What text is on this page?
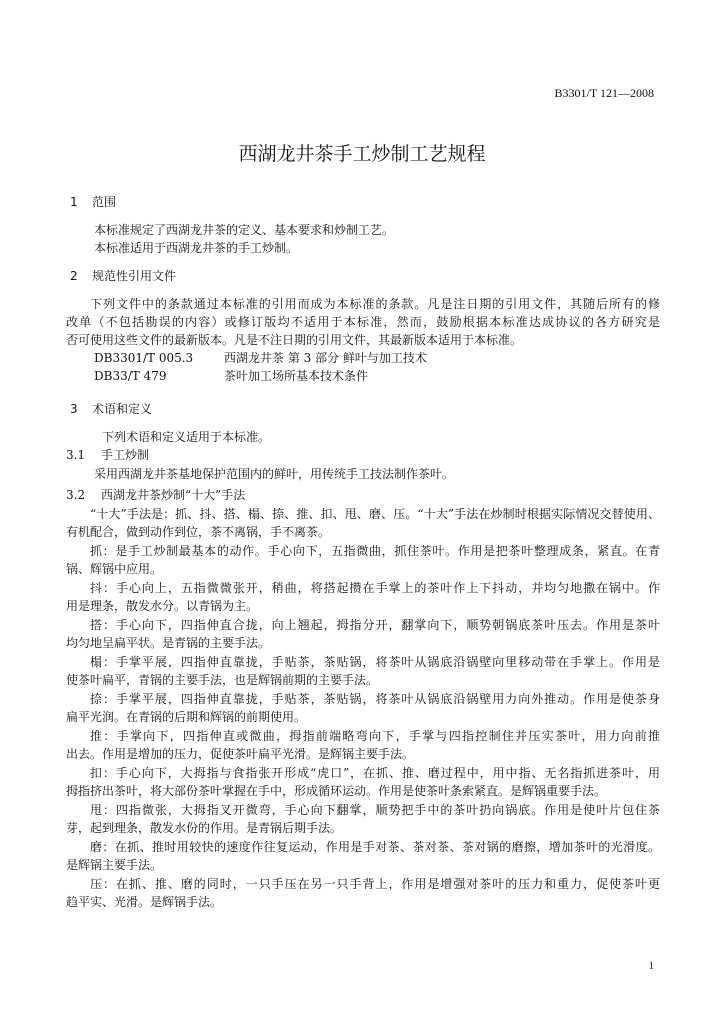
B3301/T 121—2008
西湖龙井茶手工炒制工艺规程
1 范围
本标准规定了西湖龙井茶的定义、基本要求和炒制工艺。
本标准适用于西湖龙井茶的手工炒制。
2 规范性引用文件
下列文件中的条款通过本标准的引用而成为本标准的条款。凡是注日期的引用文件，其随后所有的修
改单（不包括勘误的内容）或修订版均不适用于本标准，然而，鼓励根据本标准达成协议的各方研究是
否可使用这些文件的最新版本。凡是不注日期的引用文件，其最新版本适用于本标准。
DB3301/T 005.3	西湖龙井茶 第 3 部分 鲜叶与加工技术
DB33/T 479	茶叶加工场所基本技术条件
3 术语和定义
下列术语和定义适用于本标准。
3.1 手工炒制
采用西湖龙井茶基地保护范围内的鲜叶，用传统手工技法制作茶叶。
3.2 西湖龙井茶炒制“十大”手法
“十大”手法是：抓、抖、搭、榻、捺、推、扣、甩、磨、压。“十大”手法在炒制时根据实际情况交替使用、
有机配合，做到动作到位，茶不离锅，手不离茶。
抓：是手工炒制最基本的动作。手心向下，五指微曲，抓住茶叶。作用是把茶叶整理成条，紧直。在青
锅、辉锅中应用。
抖：手心向上，五指微微张开，稍曲，将搭起攒在手掌上的茶叶作上下抖动，并均匀地撒在锅中。作
用是理条，散发水分。以青锅为主。
搭：手心向下，四指伸直合拢，向上翘起，拇指分开，翻掌向下，顺势朝锅底茶叶压去。作用是茶叶
均匀地呈扁平状。是青锅的主要手法。
榻：手掌平展，四指伸直靠拢，手贴茶，茶贴锅，将茶叶从锅底沿锅壁向里移动带在手掌上。作用是
使茶叶扁平，青锅的主要手法，也是辉锅前期的主要手法。
捺：手掌平展，四指伸直靠拢，手贴茶，茶贴锅，将茶叶从锅底沿锅壁用力向外推动。作用是使茶身
扁平光润。在青锅的后期和辉锅的前期使用。
推：手掌向下，四指伸直或微曲，拇指前端略弯向下，手掌与四指控制住并压实茶叶，用力向前推
出去。作用是增加的压力，促使茶叶扁平光滑。是辉锅主要手法。
扣：手心向下，大拇指与食指张开形成“虎口”，在抓、推、磨过程中，用中指、无名指抓进茶叶，用
拇指挤出茶叶，将大部份茶叶掌握在手中，形成循环运动。作用是使茶叶条索紧直。是辉锅重要手法。
甩：四指微张，大拇指叉开微弯，手心向下翻掌，顺势把手中的茶叶扔向锅底。作用是使叶片包住茶
芽，起到理条，散发水份的作用。是青锅后期手法。
磨：在抓、推时用较快的速度作往复运动，作用是手对茶、茶对茶、茶对锅的磨擦，增加茶叶的光滑度。
是辉锅主要手法。
压：在抓、推、磨的同时，一只手压在另一只手背上，作用是增强对茶叶的压力和重力，促使茶叶更
趋平实、光滑。是辉锅手法。
1
